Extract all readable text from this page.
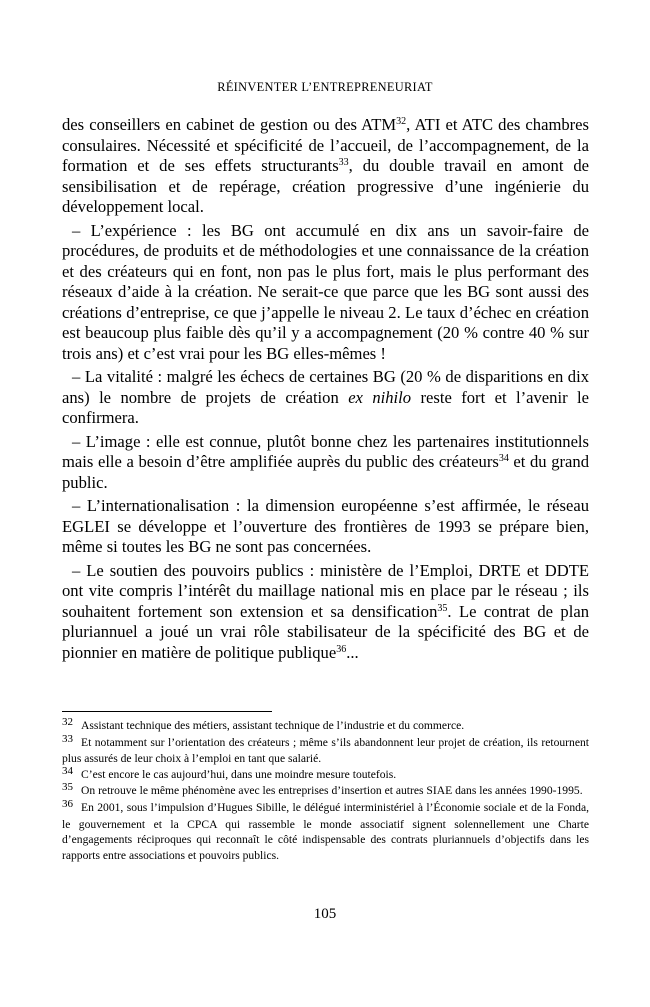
RÉINVENTER L’ENTREPRENEURIAT

des conseillers en cabinet de gestion ou des ATM$^{32}$, ATI et ATC des chambres consulaires. Nécessité et spécificité de l’accueil, de l’accompagnement, de la formation et de ses effets structurants$^{33}$, du double travail en amont de sensibilisation et de repérage, création progressive d’une ingénierie du développement local.

– L’expérience : les BG ont accumulé en dix ans un savoir-faire de procédures, de produits et de méthodologies et une connaissance de la création et des créateurs qui en font, non pas le plus fort, mais le plus performant des réseaux d’aide à la création. Ne serait-ce que parce que les BG sont aussi des créations d’entreprise, ce que j’appelle le niveau 2. Le taux d’échec en création est beaucoup plus faible dès qu’il y a accompagnement (20 % contre 40 % sur trois ans) et c’est vrai pour les BG elles-mêmes !

– La vitalité : malgré les échecs de certaines BG (20 % de disparitions en dix ans) le nombre de projets de création ex nihilo reste fort et l’avenir le confirmera.

– L’image : elle est connue, plutôt bonne chez les partenaires institutionnels mais elle a besoin d’être amplifiée auprès du public des créateurs$^{34}$ et du grand public.

– L’internationalisation : la dimension européenne s’est affirmée, le réseau EGLEI se développe et l’ouverture des frontières de 1993 se prépare bien, même si toutes les BG ne sont pas concernées.

– Le soutien des pouvoirs publics : ministère de l’Emploi, DRTE et DDTE ont vite compris l’intérêt du maillage national mis en place par le réseau ; ils souhaitent fortement son extension et sa densification$^{35}$. Le contrat de plan pluriannuel a joué un vrai rôle stabilisateur de la spécificité des BG et de pionnier en matière de politique publique$^{36}$...

32 Assistant technique des métiers, assistant technique de l’industrie et du commerce.

33 Et notamment sur l’orientation des créateurs ; même s’ils abandonnent leur projet de création, ils retournent plus assurés de leur choix à l’emploi en tant que salarié.

34 C’est encore le cas aujourd’hui, dans une moindre mesure toutefois.

35 On retrouve le même phénomène avec les entreprises d’insertion et autres SIAE dans les années 1990-1995.

36 En 2001, sous l’impulsion d’Hugues Sibille, le délégué interministériel à l’Économie sociale et de la Fonda, le gouvernement et la CPCA qui rassemble le monde associatif signent solennellement une Charte d’engagements réciproques qui reconnaît le côté indispensable des contrats pluriannuels d’objectifs dans les rapports entre associations et pouvoirs publics.

105
